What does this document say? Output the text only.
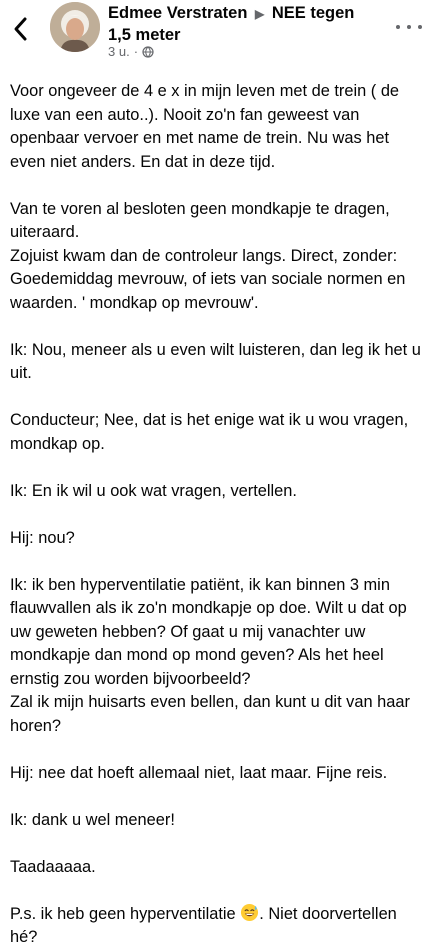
Edmee Verstraten ▶ NEE tegen 1,5 meter
3 u. ·

Voor ongeveer de 4 e x in mijn leven met de trein ( de luxe van een auto..). Nooit zo'n fan geweest van openbaar vervoer en met name de trein. Nu was het even niet anders. En dat in deze tijd.

Van te voren al besloten geen mondkapje te dragen, uiteraard.
Zojuist kwam dan de controleur langs. Direct, zonder: Goedemiddag mevrouw, of iets van sociale normen en waarden. ' mondkap op mevrouw'.

Ik: Nou, meneer als u even wilt luisteren, dan leg ik het u uit.

Conducteur; Nee, dat is het enige wat ik u wou vragen, mondkap op.

Ik: En ik wil u ook wat vragen, vertellen.

Hij: nou?

Ik: ik ben hyperventilatie patiënt, ik kan binnen 3 min flauwvallen als ik zo'n mondkapje op doe. Wilt u dat op uw geweten hebben? Of gaat u mij vanachter uw mondkapje dan mond op mond geven? Als het heel ernstig zou worden bijvoorbeeld?
Zal ik mijn huisarts even bellen, dan kunt u dit van haar horen?

Hij: nee dat hoeft allemaal niet, laat maar. Fijne reis.

Ik: dank u wel meneer!

Taadaaaaa.

P.s. ik heb geen hyperventilatie . Niet doorvertellen hé?
